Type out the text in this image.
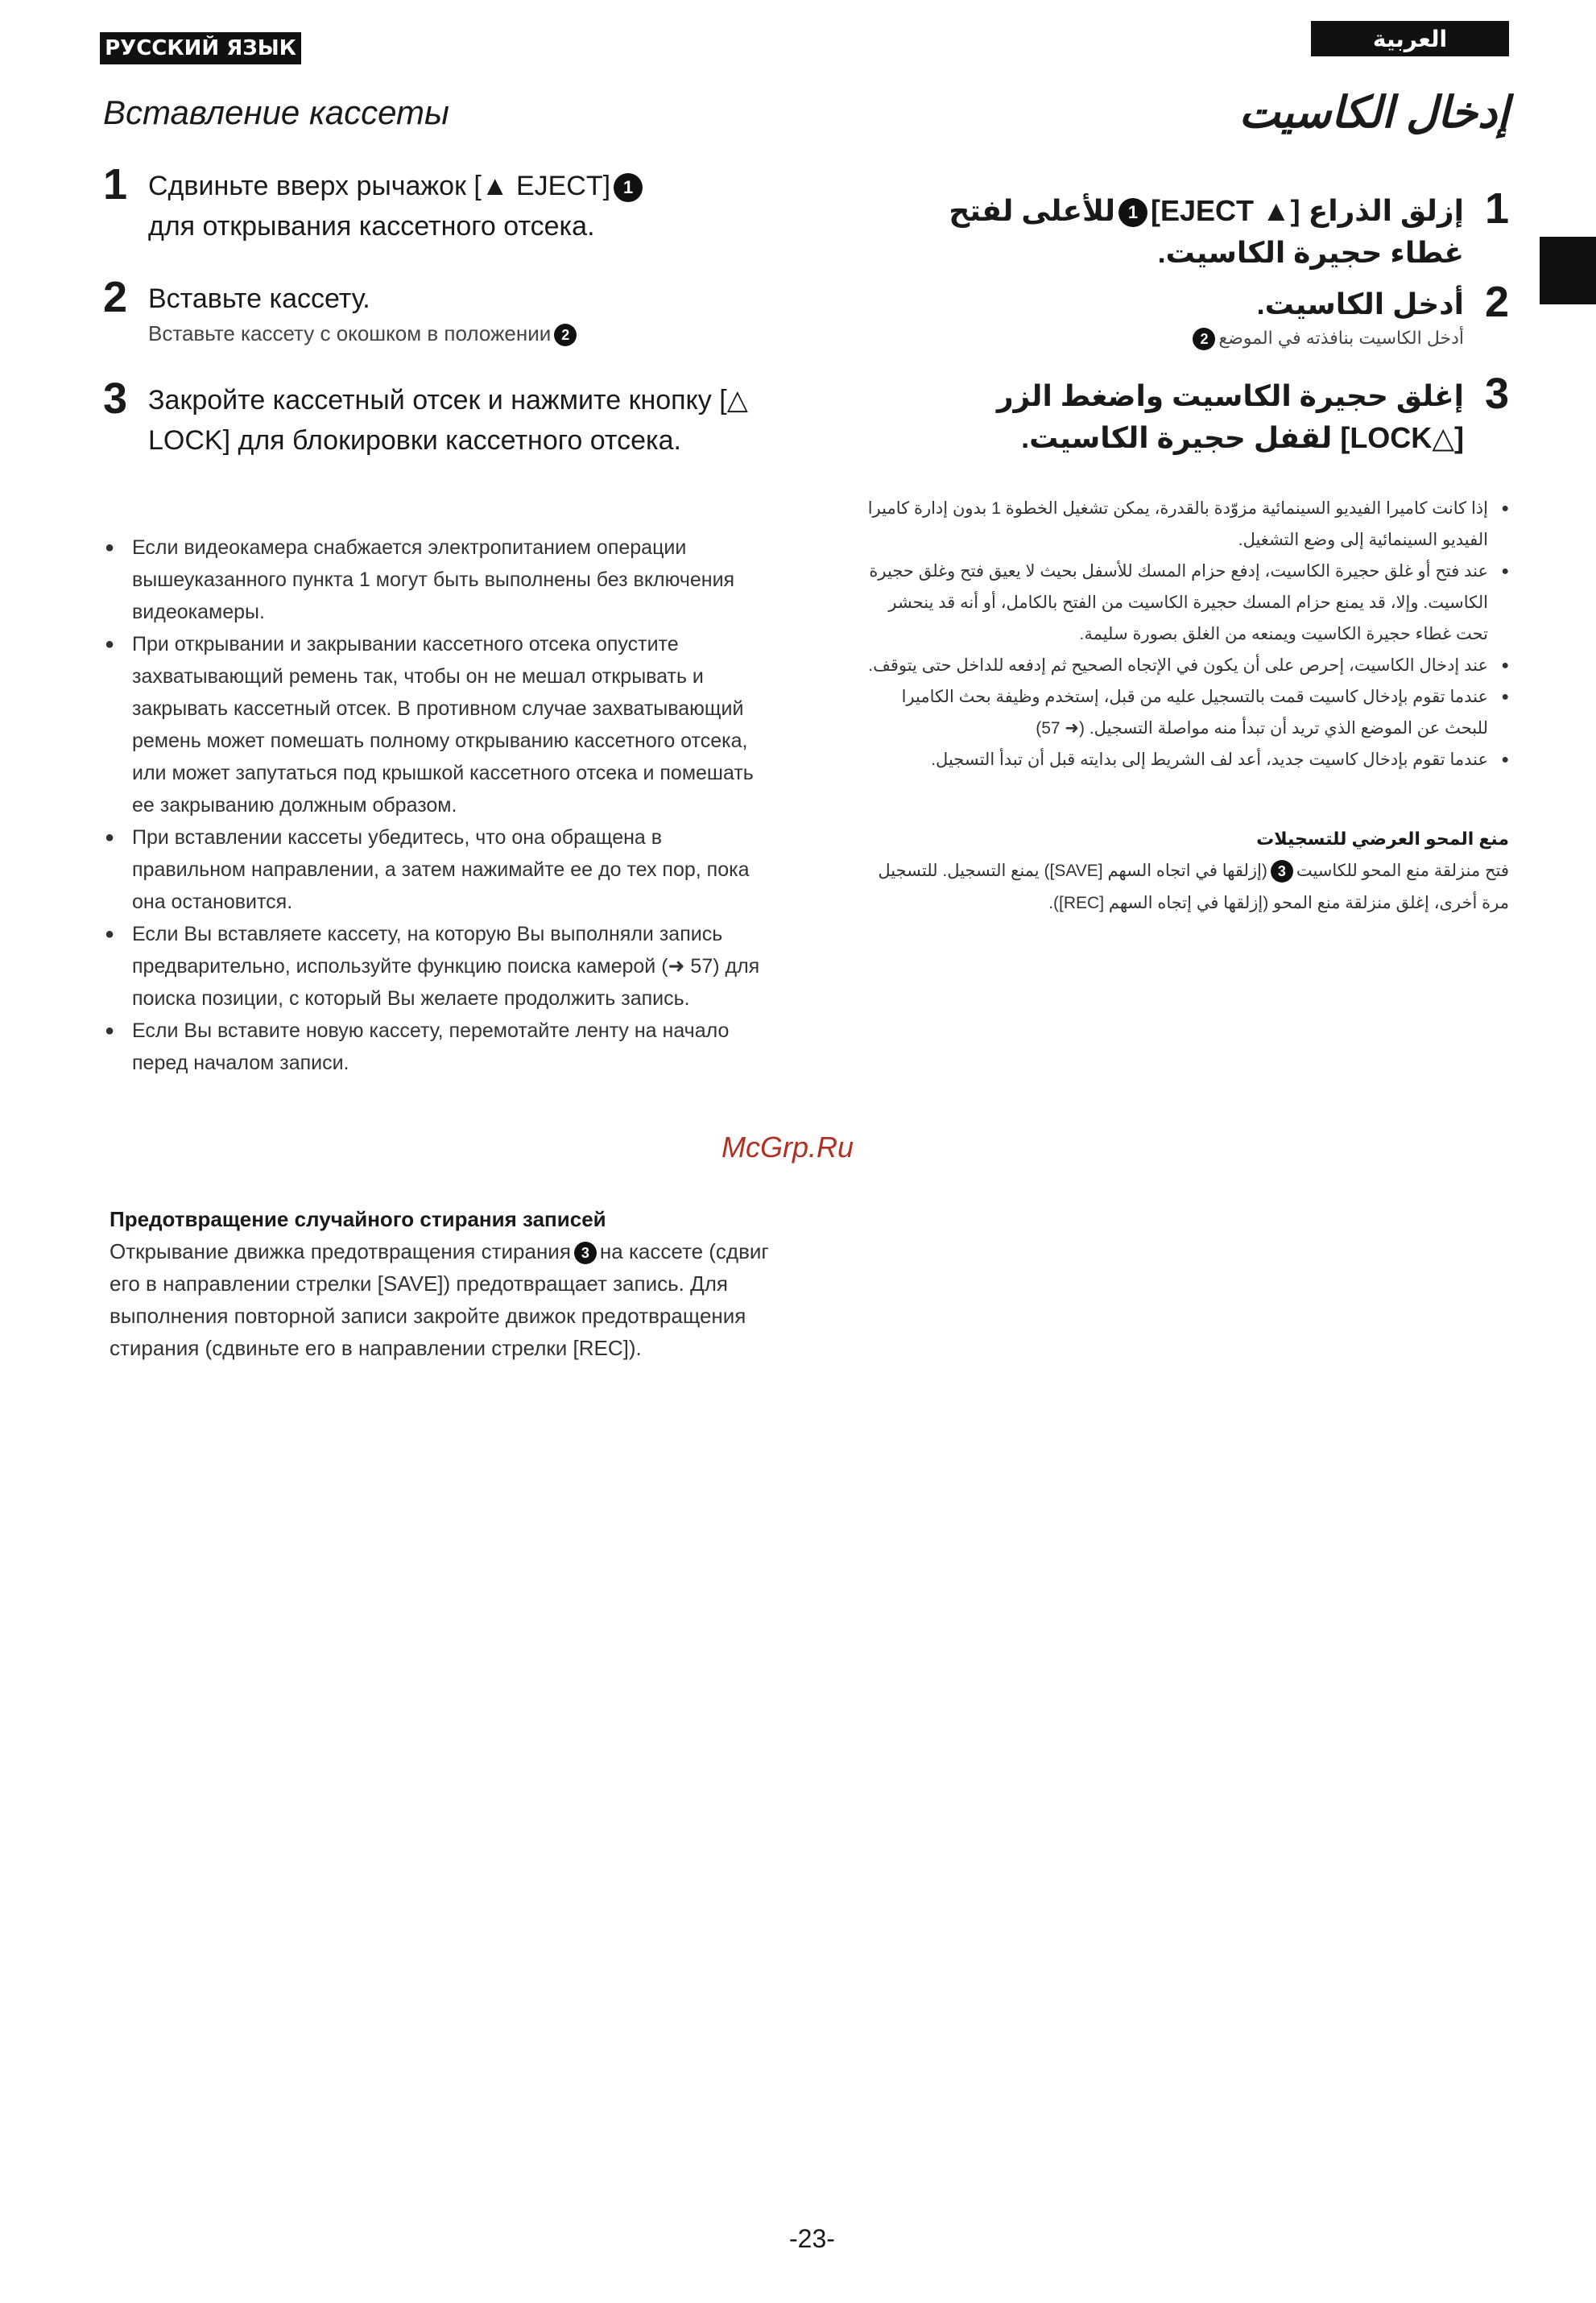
РУССКИЙ ЯЗЫК	العربية
Вставление кассеты	إدخال الكاسيت
1 Сдвиньте вверх рычажок [▲ EJECT] 1
для открывания кассетного отсека.
2 Вставьте кассету.
Вставьте кассету с окошком в положении 2
3 Закройте кассетный отсек и нажмите кнопку [△ LOCK] для блокировки кассетного отсека.
● Если видеокамера снабжается электропитанием операции вышеуказанного пункта 1 могут быть выполнены без включения видеокамеры.
● При открывании и закрывании кассетного отсека опустите захватывающий ремень так, чтобы он не мешал открывать и закрывать кассетный отсек. В противном случае захватывающий ремень может помешать полному открыванию кассетного отсека, или может запутаться под крышкой кассетного отсека и помешать ее закрыванию должным образом.
● При вставлении кассеты убедитесь, что она обращена в правильном направлении, а затем нажимайте ее до тех пор, пока она остановится.
● Если Вы вставляете кассету, на которую Вы выполняли запись предварительно, используйте функцию поиска камерой (➜ 57) для поиска позиции, с который Вы желаете продолжить запись.
● Если Вы вставите новую кассету, перемотайте ленту на начало перед началом записи.
Предотвращение случайного стирания записей
Открывание движка предотвращения стирания 3 на кассете (сдвиг его в направлении стрелки [SAVE]) предотвращает запись. Для выполнения повторной записи закройте движок предотвращения стирания (сдвиньте его в направлении стрелки [REC]).
1
إزلق الذراع [▲ EJECT]1للأعلى لفتح غطاء حجيرة الكاسيت.
2
أدخل الكاسيت.
أدخل الكاسيت بنافذته في الموضع2
3
إغلق حجيرة الكاسيت واضغط الزر [△LOCK] لقفل حجيرة الكاسيت.
● إذا كانت كاميرا الفيديو السينمائية مزوّدة بالقدرة، يمكن تشغيل الخطوة 1 بدون إدارة كاميرا الفيديو السينمائية إلى وضع التشغيل.
● عند فتح أو غلق حجيرة الكاسيت، إدفع حزام المسك للأسفل بحيث لا يعيق فتح وغلق حجيرة الكاسيت. وإلا، قد يمنع حزام المسك حجيرة الكاسيت من الفتح بالكامل، أو أنه قد ينحشر تحت غطاء حجيرة الكاسيت ويمنعه من الغلق بصورة سليمة.
● عند إدخال الكاسيت، إحرص على أن يكون في الإتجاه الصحيح ثم إدفعه للداخل حتى يتوقف.
● عندما تقوم بإدخال كاسيت قمت بالتسجيل عليه من قبل، إستخدم وظيفة بحث الكاميرا للبحث عن الموضع الذي تريد أن تبدأ منه مواصلة التسجيل. (➜ 57)
● عندما تقوم بإدخال كاسيت جديد، أعد لف الشريط إلى بدايته قبل أن تبدأ التسجيل.
منع المحو العرضي للتسجيلات
فتح منزلقة منع المحو للكاسيت3(إزلقها في اتجاه السهم [SAVE]) يمنع التسجيل. للتسجيل مرة أخرى، إغلق منزلقة منع المحو (إزلقها في إتجاه السهم [REC]).
McGrp.Ru
-23-
